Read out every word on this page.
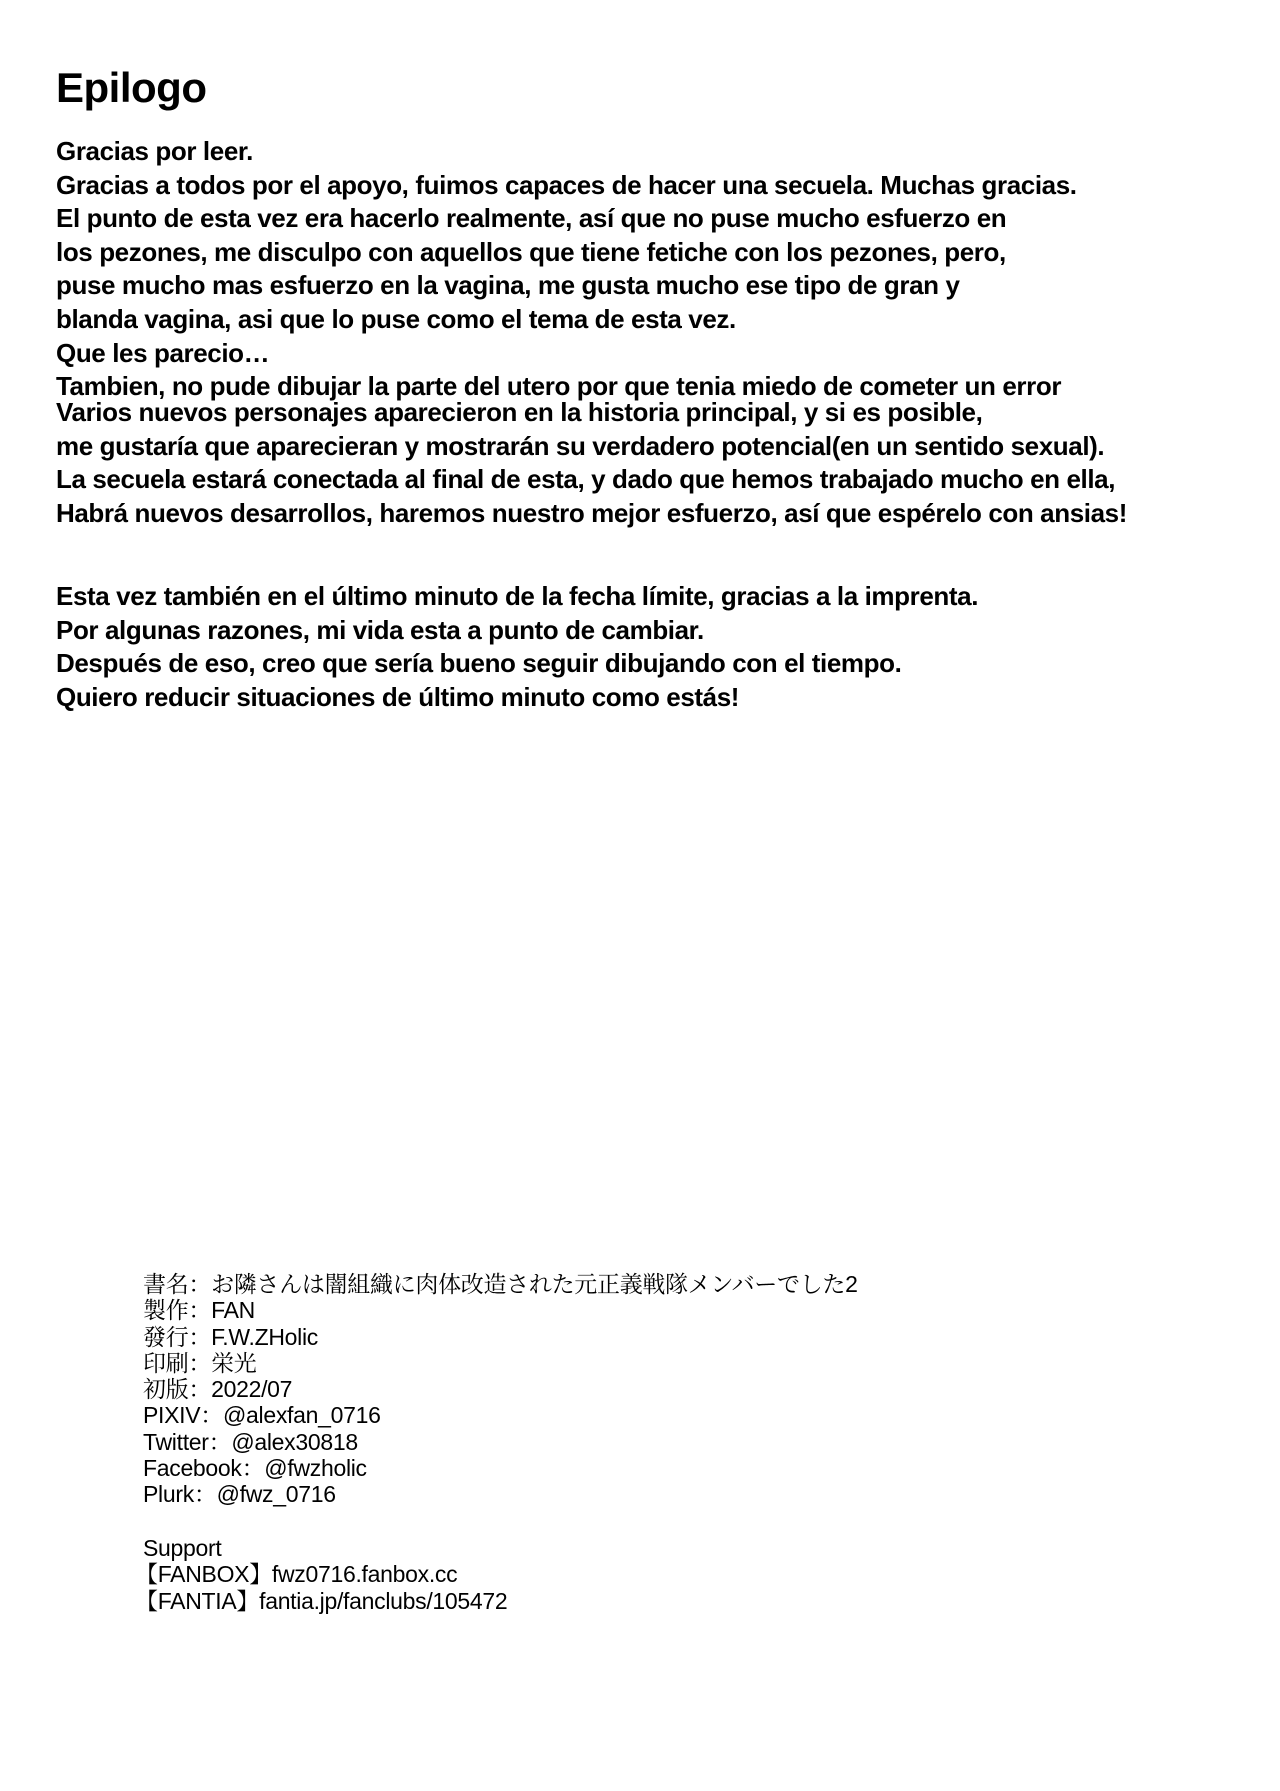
Epilogo
Gracias por leer.
Gracias a todos por el apoyo, fuimos capaces de hacer una secuela. Muchas gracias.
El punto de esta vez era hacerlo realmente, así que no puse mucho esfuerzo en
los pezones, me disculpo con aquellos que tiene fetiche con los pezones, pero,
puse mucho mas esfuerzo en la vagina, me gusta mucho ese tipo de gran y
blanda vagina, asi que lo puse como el tema de esta vez.
Que les parecio…
Tambien, no pude dibujar la parte del utero por que tenia miedo de cometer un error
Varios nuevos personajes aparecieron en la historia principal, y si es posible,
me gustaría que aparecieran y mostrarán su verdadero potencial(en un sentido sexual).
La secuela estará conectada al final de esta, y dado que hemos trabajado mucho en ella,
Habrá nuevos desarrollos, haremos nuestro mejor esfuerzo, así que espérelo con ansias!
Esta vez también en el último minuto de la fecha límite, gracias a la imprenta.
Por algunas razones, mi vida esta a punto de cambiar.
Después de eso, creo que sería bueno seguir dibujando con el tiempo.
Quiero reducir situaciones de último minuto como estás!
書名：お隣さんは闇組織に肉体改造された元正義戦隊メンバーでした2
製作：FAN
發行：F.W.ZHolic
印刷：栄光
初版：2022/07
PIXIV：@alexfan_0716
Twitter：@alex30818
Facebook：@fwzholic
Plurk：@fwz_0716
Support
【FANBOX】fwz0716.fanbox.cc
【FANTIA】fantia.jp/fanclubs/105472
